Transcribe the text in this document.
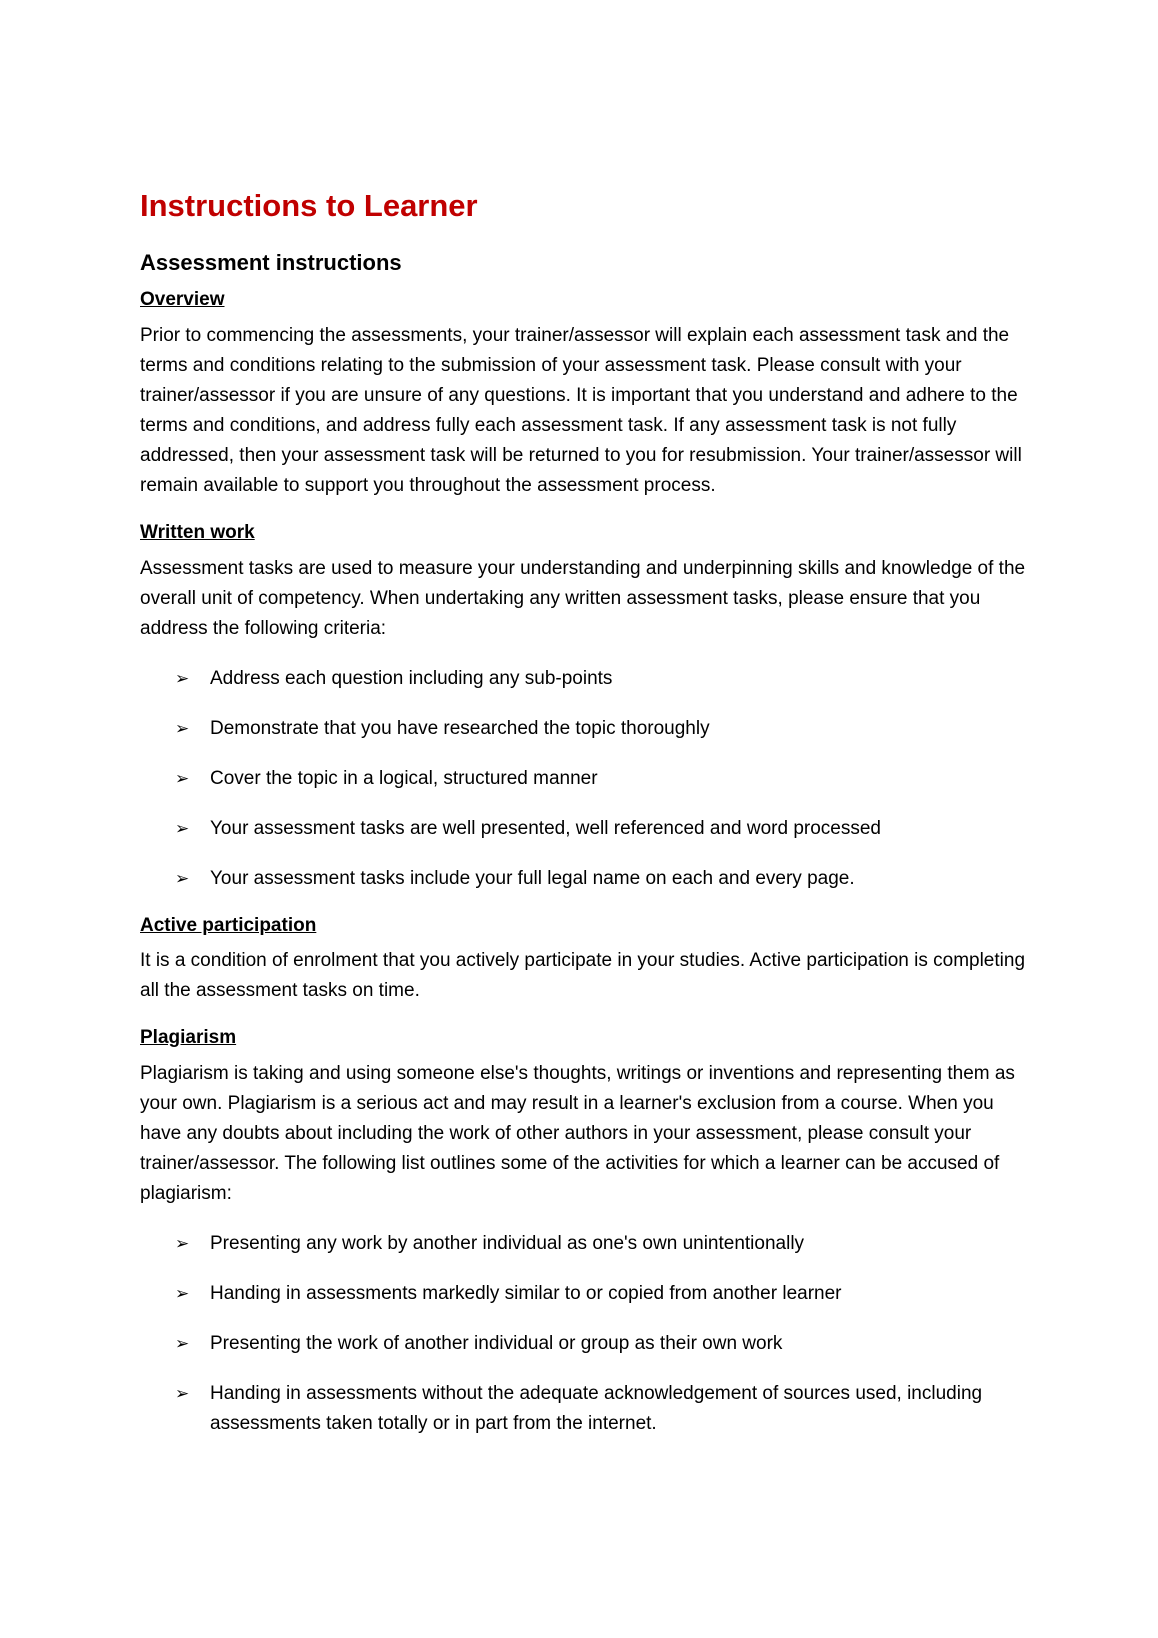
Instructions to Learner
Assessment instructions
Overview

Prior to commencing the assessments, your trainer/assessor will explain each assessment task and the terms and conditions relating to the submission of your assessment task. Please consult with your trainer/assessor if you are unsure of any questions. It is important that you understand and adhere to the terms and conditions, and address fully each assessment task. If any assessment task is not fully addressed, then your assessment task will be returned to you for resubmission. Your trainer/assessor will remain available to support you throughout the assessment process.

Written work

Assessment tasks are used to measure your understanding and underpinning skills and knowledge of the overall unit of competency. When undertaking any written assessment tasks, please ensure that you address the following criteria:

➢ Address each question including any sub-points
➢ Demonstrate that you have researched the topic thoroughly
➢ Cover the topic in a logical, structured manner
➢ Your assessment tasks are well presented, well referenced and word processed
➢ Your assessment tasks include your full legal name on each and every page.
Active participation

It is a condition of enrolment that you actively participate in your studies. Active participation is completing all the assessment tasks on time.

Plagiarism

Plagiarism is taking and using someone else's thoughts, writings or inventions and representing them as your own. Plagiarism is a serious act and may result in a learner's exclusion from a course. When you have any doubts about including the work of other authors in your assessment, please consult your trainer/assessor. The following list outlines some of the activities for which a learner can be accused of plagiarism:

➢ Presenting any work by another individual as one's own unintentionally
➢ Handing in assessments markedly similar to or copied from another learner
➢ Presenting the work of another individual or group as their own work
➢ Handing in assessments without the adequate acknowledgement of sources used, including assessments taken totally or in part from the internet.
